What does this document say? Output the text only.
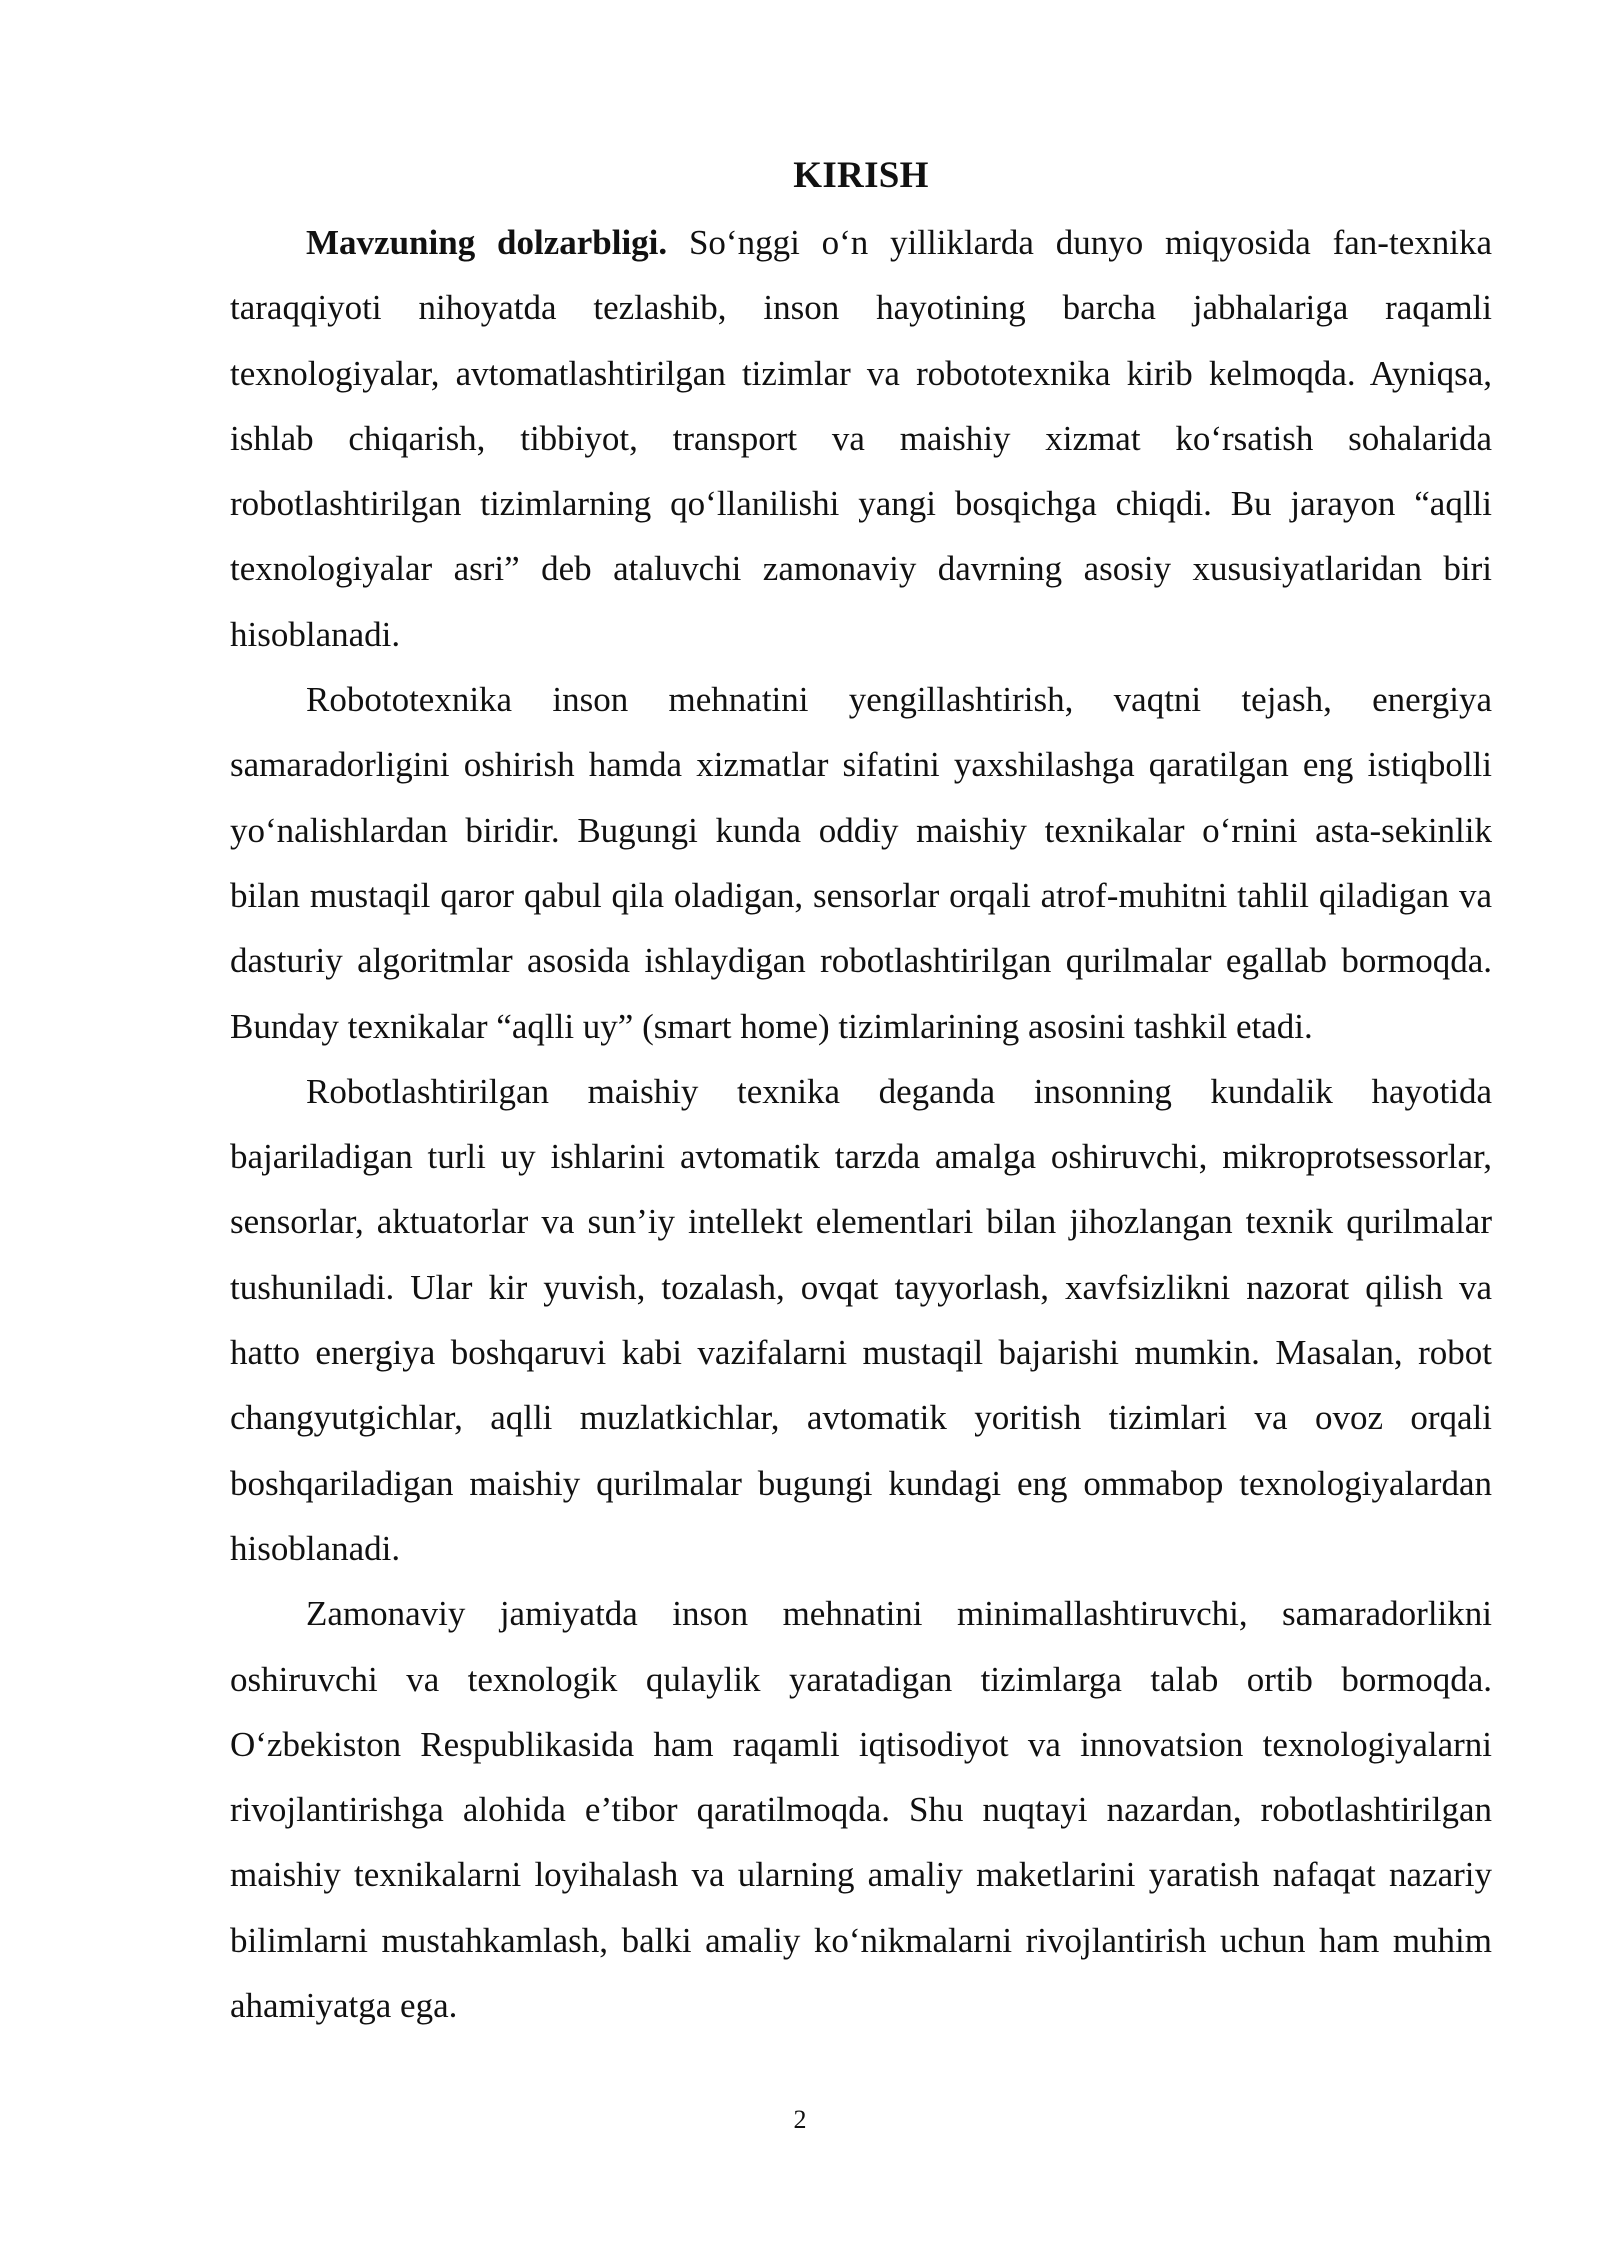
KIRISH

Mavzuning dolzarbligi. So‘nggi o‘n yilliklarda dunyo miqyosida fan-texnika taraqqiyoti nihoyatda tezlashib, inson hayotining barcha jabhalariga raqamli texnologiyalar, avtomatlashtirilgan tizimlar va robototexnika kirib kelmoqda. Ayniqsa, ishlab chiqarish, tibbiyot, transport va maishiy xizmat ko‘rsatish sohalarida robotlashtirilgan tizimlarning qo‘llanilishi yangi bosqichga chiqdi. Bu jarayon “aqlli texnologiyalar asri” deb ataluvchi zamonaviy davrning asosiy xususiyatlaridan biri hisoblanadi.

Robototexnika inson mehnatini yengillashtirish, vaqtni tejash, energiya samaradorligini oshirish hamda xizmatlar sifatini yaxshilashga qaratilgan eng istiqbolli yo‘nalishlardan biridir. Bugungi kunda oddiy maishiy texnikalar o‘rnini asta-sekinlik bilan mustaqil qaror qabul qila oladigan, sensorlar orqali atrof-muhitni tahlil qiladigan va dasturiy algoritmlar asosida ishlaydigan robotlashtirilgan qurilmalar egallab bormoqda. Bunday texnikalar “aqlli uy” (smart home) tizimlarining asosini tashkil etadi.

Robotlashtirilgan maishiy texnika deganda insonning kundalik hayotida bajariladigan turli uy ishlarini avtomatik tarzda amalga oshiruvchi, mikroprotsessorlar, sensorlar, aktuatorlar va sun’iy intellekt elementlari bilan jihozlangan texnik qurilmalar tushuniladi. Ular kir yuvish, tozalash, ovqat tayyorlash, xavfsizlikni nazorat qilish va hatto energiya boshqaruvi kabi vazifalarni mustaqil bajarishi mumkin. Masalan, robot changyutgichlar, aqlli muzlatkichlar, avtomatik yoritish tizimlari va ovoz orqali boshqariladigan maishiy qurilmalar bugungi kundagi eng ommabop texnologiyalardan hisoblanadi.

Zamonaviy jamiyatda inson mehnatini minimallashtiruvchi, samaradorlikni oshiruvchi va texnologik qulaylik yaratadigan tizimlarga talab ortib bormoqda. O‘zbekiston Respublikasida ham raqamli iqtisodiyot va innovatsion texnologiyalarni rivojlantirishga alohida e’tibor qaratilmoqda. Shu nuqtayi nazardan, robotlashtirilgan maishiy texnikalarni loyihalash va ularning amaliy maketlarini yaratish nafaqat nazariy bilimlarni mustahkamlash, balki amaliy ko‘nikmalarni rivojlantirish uchun ham muhim ahamiyatga ega.

2
